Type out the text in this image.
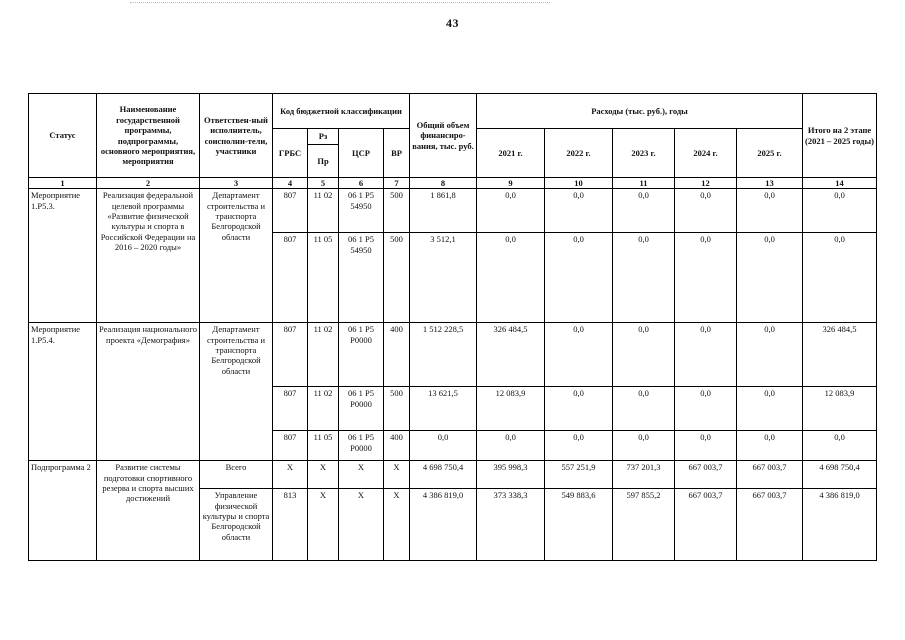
43
Статус	Наименование государственной программы, подпрограммы, основного мероприятия, мероприятия	Ответствен-ный исполнитель, соисполни-тели, участники	Код бюджетной классификации				Общий объем финансиро-вания, тыс. руб.	Расходы (тыс. руб.), годы					Итого на 2 этапе (2021 – 2025 годы)
			ГРБС	Рз	ЦСР	ВР		2021 г.	2022 г.	2023 г.	2024 г.	2025 г.	
				Пр									
1	2	3	4	5	6	7	8	9	10	11	12	13	14
Мероприятие 1.Р5.3.	Реализация федеральной целевой программы «Развитие физической культуры и спорта в Российской Федерации на 2016 – 2020 годы»	Департамент строительства и транспорта Белгородской области	807	11 02	06 1 Р5 54950	500	1 861,8	0,0	0,0	0,0	0,0	0,0	0,0
			807	11 05	06 1 Р5 54950	500	3 512,1	0,0	0,0	0,0	0,0	0,0	0,0
Мероприятие 1.Р5.4.	Реализация национального проекта «Демография»	Департамент строительства и транспорта Белгородской области	807	11 02	06 1 Р5 Р0000	400	1 512 228,5	326 484,5	0,0	0,0	0,0	0,0	326 484,5
			807	11 02	06 1 Р5 Р0000	500	13 621,5	12 083,9	0,0	0,0	0,0	0,0	12 083,9
			807	11 05	06 1 Р5 Р0000	400	0,0	0,0	0,0	0,0	0,0	0,0	0,0
Подпрограмма 2	Развитие системы подготовки спортивного резерва и спорта высших достижений	Всего	Х	Х	Х	Х	4 698 750,4	395 998,3	557 251,9	737 201,3	667 003,7	667 003,7	4 698 750,4
		Управление физической культуры и спорта Белгородской области	813	Х	Х	Х	4 386 819,0	373 338,3	549 883,6	597 855,2	667 003,7	667 003,7	4 386 819,0
